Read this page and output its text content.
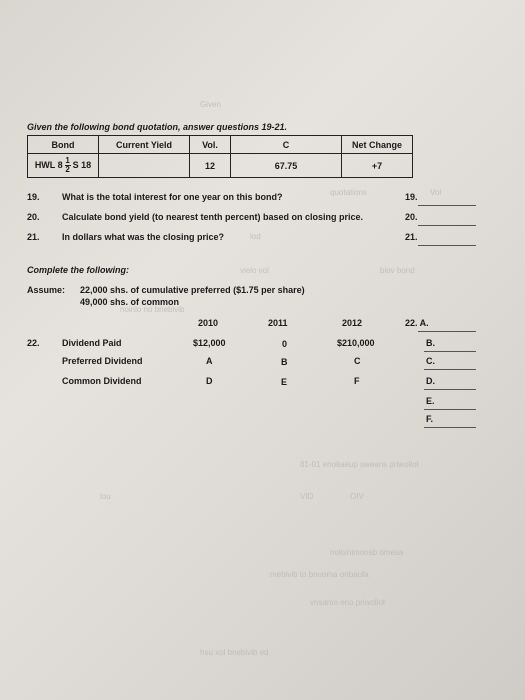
Given
quotations	Vol
lod
biov bond
vielo vol
noinlo no bnebivib
81-01 enoitaeup sweans priwollot
lou	VID	OIV
noitsnimonsb omesa
mebivib to bnuoma oribaufa
vnsamo eno priwollot
hsu xol bnebivib ed
Given the following bond quotation, answer questions 19-21.
Bond	Current Yield	Vol.	C	Net Change
HWL $8 \frac{1}{2}$ S 18		12	67.75	+7
19. What is the total interest for one year on this bond?	19.
20. Calculate bond yield (to nearest tenth percent) based on closing price.	20.
21. In dollars what was the closing price?	21.
Complete the following:
Assume: 22,000 shs. of cumulative preferred ($1.75 per share)
49,000 shs. of common
2010	2011	2012
22. Dividend Paid	$12,000	0	$210,000
Preferred Dividend	A	B	C
Common Dividend	D	E	F
22. A.
B.
C.
D.
E.
F.
